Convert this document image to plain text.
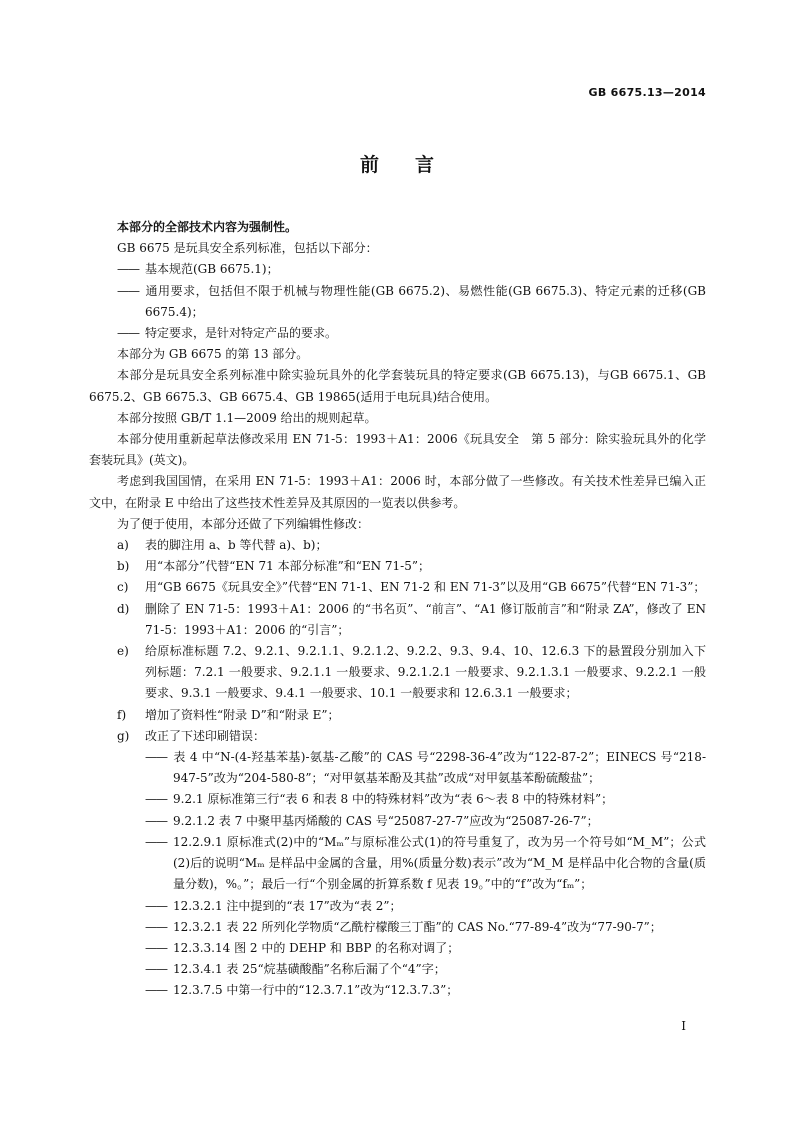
GB 6675.13—2014
前 言

本部分的全部技术内容为强制性。

GB 6675 是玩具安全系列标准，包括以下部分：

—— 基本规范(GB 6675.1)；

—— 通用要求，包括但不限于机械与物理性能(GB 6675.2)、易燃性能(GB 6675.3)、特定元素的迁移(GB 6675.4)；

—— 特定要求，是针对特定产品的要求。

本部分为 GB 6675 的第 13 部分。

本部分是玩具安全系列标准中除实验玩具外的化学套装玩具的特定要求(GB 6675.13)，与GB 6675.1、GB 6675.2、GB 6675.3、GB 6675.4、GB 19865(适用于电玩具)结合使用。

本部分按照 GB/T 1.1—2009 给出的规则起草。

本部分使用重新起草法修改采用 EN 71-5：1993＋A1：2006《玩具安全　第 5 部分：除实验玩具外的化学套装玩具》(英文)。

考虑到我国国情，在采用 EN 71-5：1993＋A1：2006 时，本部分做了一些修改。有关技术性差异已编入正文中，在附录 E 中给出了这些技术性差异及其原因的一览表以供参考。

为了便于使用，本部分还做了下列编辑性修改：

a) 表的脚注用 a、b 等代替 a)、b)；

b) 用“本部分”代替“EN 71 本部分标准”和“EN 71-5”；

c) 用“GB 6675《玩具安全》”代替“EN 71-1、EN 71-2 和 EN 71-3”以及用“GB 6675”代替“EN 71-3”；

d) 删除了 EN 71-5：1993＋A1：2006 的“书名页”、“前言”、“A1 修订版前言”和“附录 ZA”，修改了 EN 71-5：1993＋A1：2006 的“引言”；

e) 给原标准标题 7.2、9.2.1、9.2.1.1、9.2.1.2、9.2.2、9.3、9.4、10、12.6.3 下的悬置段分别加入下列标题：7.2.1 一般要求、9.2.1.1 一般要求、9.2.1.2.1 一般要求、9.2.1.3.1 一般要求、9.2.2.1 一般要求、9.3.1 一般要求、9.4.1 一般要求、10.1 一般要求和 12.6.3.1 一般要求；

f) 增加了资料性“附录 D”和“附录 E”；

g) 改正了下述印刷错误：

—— 表 4 中“N-(4-羟基苯基)-氨基-乙酸”的 CAS 号“2298-36-4”改为“122-87-2”；EINECS 号“218-947-5”改为“204-580-8”；“对甲氨基苯酚及其盐”改成“对甲氨基苯酚硫酸盐”；

—— 9.2.1 原标准第三行“表 6 和表 8 中的特殊材料”改为“表 6～表 8 中的特殊材料”；

—— 9.2.1.2 表 7 中聚甲基丙烯酸的 CAS 号“25087-27-7”应改为“25087-26-7”；

—— 12.2.9.1 原标准式(2)中的“Mₘ”与原标准公式(1)的符号重复了，改为另一个符号如“M_M”；公式(2)后的说明“Mₘ 是样品中金属的含量，用%(质量分数)表示”改为“M_M 是样品中化合物的含量(质量分数)，%。”；最后一行“个别金属的折算系数 f 见表 19。”中的“f”改为“fₘ”；

—— 12.3.2.1 注中提到的“表 17”改为“表 2”；

—— 12.3.2.1 表 22 所列化学物质“乙酰柠檬酸三丁酯”的 CAS No.“77-89-4”改为“77-90-7”；

—— 12.3.3.14 图 2 中的 DEHP 和 BBP 的名称对调了；

—— 12.3.4.1 表 25“烷基磺酸酯”名称后漏了个“4”字；

—— 12.3.7.5 中第一行中的“12.3.7.1”改为“12.3.7.3”；

I
